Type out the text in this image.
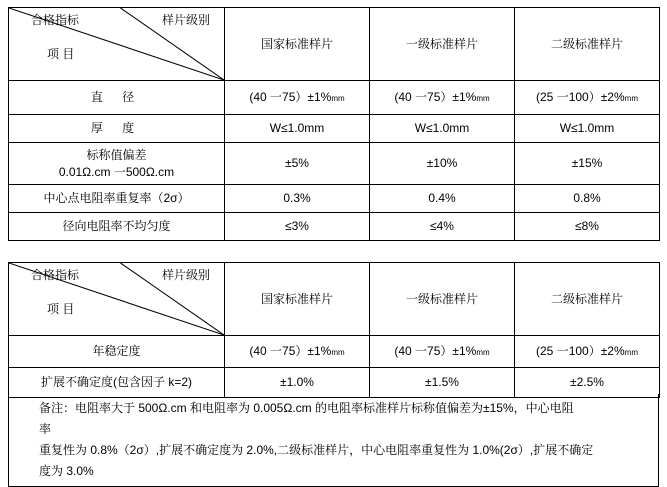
样片级别
合格指标
项 目	国家标准样片	一级标准样片	二级标准样片
直 径	(40 一75）±1%mm	(40 一75）±1%mm	(25 一100）±2%mm
厚 度	W≤1.0mm	W≤1.0mm	W≤1.0mm

标称值偏差
0.01Ω.cm 一500Ω.cm	±5%	±10%	±15%
中心点电阻率重复率（2σ）	0.3%	0.4%	0.8%
径向电阻率不均匀度	≤3%	≤4%	≤8%
样片级别
合格指标
项 目	国家标准样片	一级标准样片	二级标准样片
年稳定度	(40 一75）±1%mm	(40 一75）±1%mm	(25 一100）±2%mm
扩展不确定度(包含因子 k=2)	±1.0%	±1.5%	±2.5%

备注：电阻率大于 500Ω.cm 和电阻率为 0.005Ω.cm 的电阻率标准样片标称值偏差为±15%，中心电阻

率

重复性为 0.8%（2σ）,扩展不确定度为 2.0%,二级标准样片，中心电阻率重复性为 1.0%(2σ）,扩展不确定

度为 3.0%
